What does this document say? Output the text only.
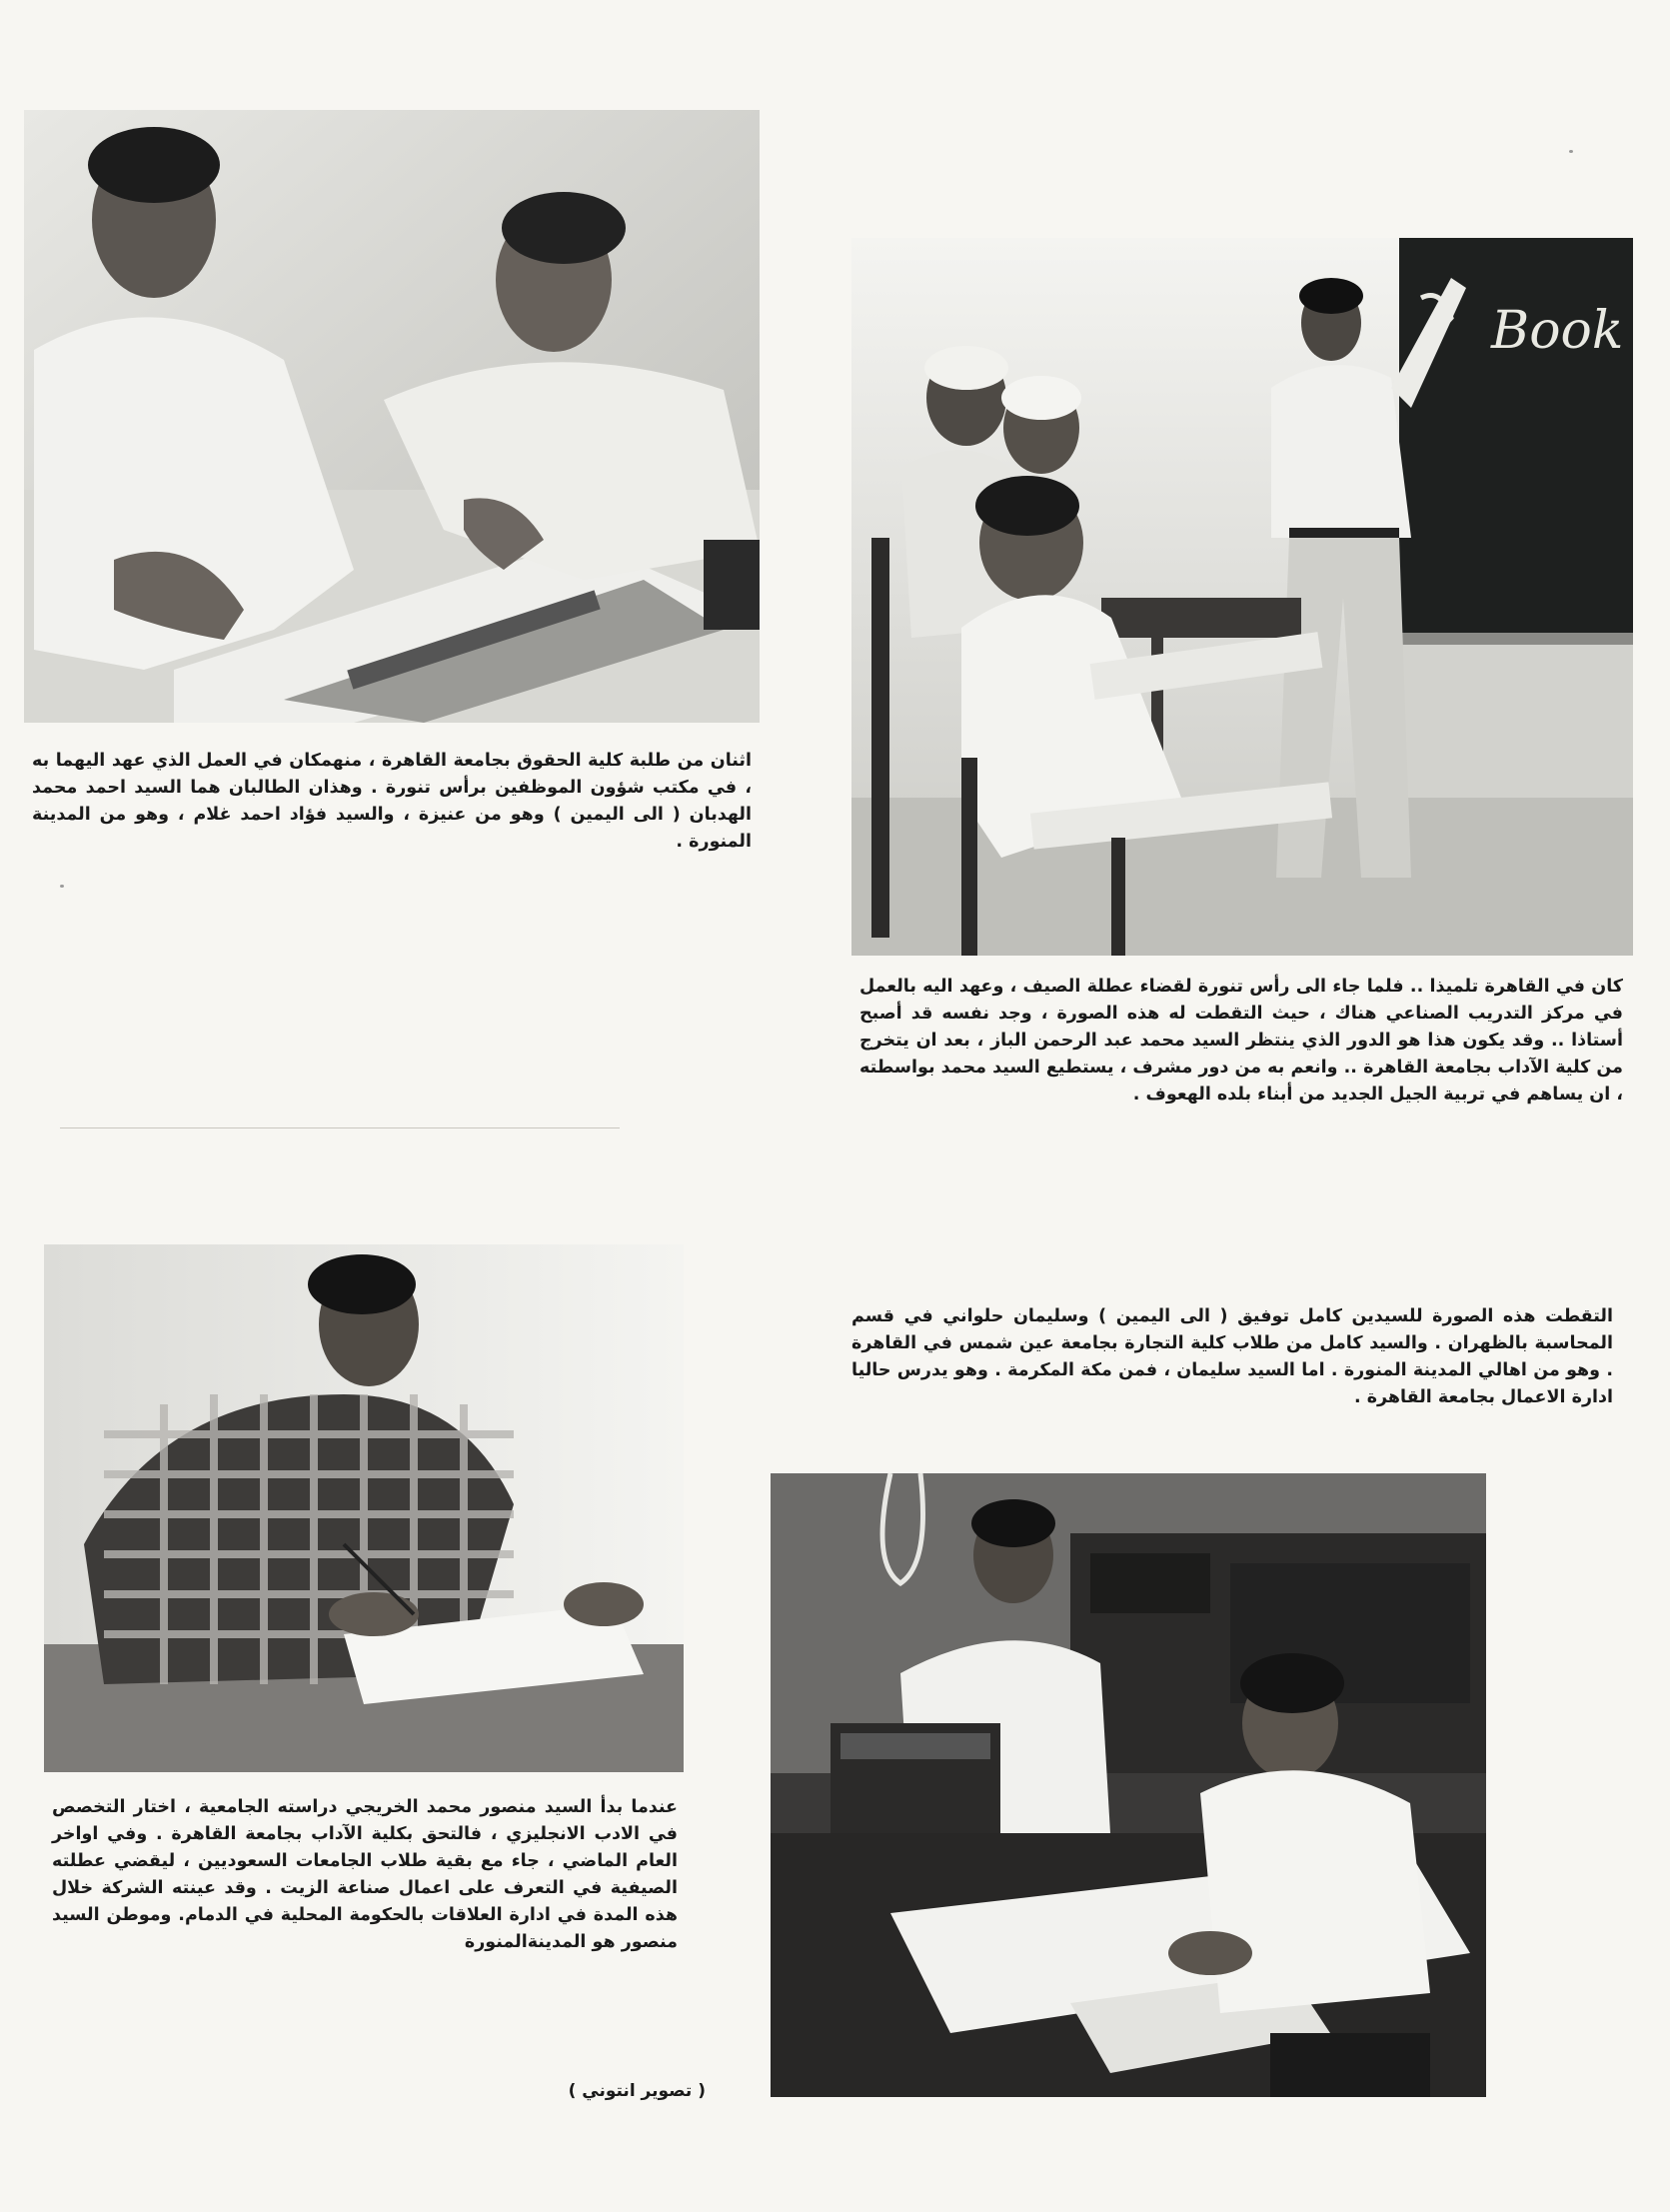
اثنان من طلبة كلية الحقوق بجامعة القاهرة ، منهمكان في العمل الذي عهد اليهما به ، في مكتب شؤون الموظفين برأس تنورة . وهذان الطالبان هما السيد احمد محمد الهدبان ( الى اليمين ) وهو من عنيزة ، والسيد فؤاد احمد غلام ، وهو من المدينة المنورة .
Book
كان في القاهرة تلميذا .. فلما جاء الى رأس تنورة لقضاء عطلة الصيف ، وعهد اليه بالعمل في مركز التدريب الصناعي هناك ، حيث التقطت له هذه الصورة ، وجد نفسه قد أصبح أستاذا .. وقد يكون هذا هو الدور الذي ينتظر السيد محمد عبد الرحمن الباز ، بعد ان يتخرج من كلية الآداب بجامعة القاهرة .. وانعم به من دور مشرف ، يستطيع السيد محمد بواسطته ، ان يساهم في تربية الجيل الجديد من أبناء بلده الهعوف .
عندما بدأ السيد منصور محمد الخريجي دراسته الجامعية ، اختار التخصص في الادب الانجليزي ، فالتحق بكلية الآداب بجامعة القاهرة . وفي اواخر العام الماضي ، جاء مع بقية طلاب الجامعات السعوديين ، ليقضي عطلته الصيفية في التعرف على اعمال صناعة الزيت . وقد عينته الشركة خلال هذه المدة في ادارة العلاقات بالحكومة المحلية في الدمام. وموطن السيد منصور هو المدينةالمنورة
التقطت هذه الصورة للسيدين كامل توفيق ( الى اليمين ) وسليمان حلواني في قسم المحاسبة بالظهران . والسيد كامل من طلاب كلية التجارة بجامعة عين شمس في القاهرة . وهو من اهالي المدينة المنورة . اما السيد سليمان ، فمن مكة المكرمة . وهو يدرس حاليا ادارة الاعمال بجامعة القاهرة .
( تصوير انتوني )
